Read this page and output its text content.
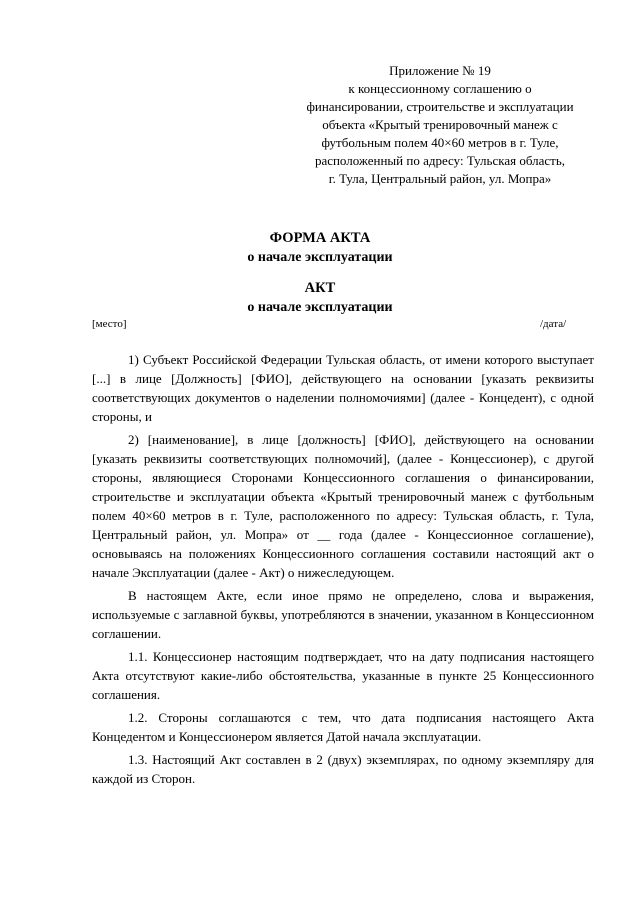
Приложение № 19
к концессионному соглашению о
финансировании, строительстве и эксплуатации
объекта «Крытый тренировочный манеж с
футбольным полем 40×60 метров в г. Туле,
расположенный по адресу: Тульская область,
г. Тула, Центральный район, ул. Мопра»
ФОРМА АКТА
о начале эксплуатации
АКТ
о начале эксплуатации
[место]	/дата/

1) Субъект Российской Федерации Тульская область, от имени которого выступает [...] в лице [Должность] [ФИО], действующего на основании [указать реквизиты соответствующих документов о наделении полномочиями] (далее - Концедент), с одной стороны, и

2) [наименование], в лице [должность] [ФИО], действующего на основании [указать реквизиты соответствующих полномочий], (далее - Концессионер), с другой стороны, являющиеся Сторонами Концессионного соглашения о финансировании, строительстве и эксплуатации объекта «Крытый тренировочный манеж с футбольным полем 40×60 метров в г. Туле, расположенного по адресу: Тульская область, г. Тула, Центральный район, ул. Мопра» от __ года (далее - Концессионное соглашение), основываясь на положениях Концессионного соглашения составили настоящий акт о начале Эксплуатации (далее - Акт) о нижеследующем.

В настоящем Акте, если иное прямо не определено, слова и выражения, используемые с заглавной буквы, употребляются в значении, указанном в Концессионном соглашении.

1.1. Концессионер настоящим подтверждает, что на дату подписания настоящего Акта отсутствуют какие-либо обстоятельства, указанные в пункте 25 Концессионного соглашения.

1.2. Стороны соглашаются с тем, что дата подписания настоящего Акта Концедентом и Концессионером является Датой начала эксплуатации.

1.3. Настоящий Акт составлен в 2 (двух) экземплярах, по одному экземпляру для каждой из Сторон.
